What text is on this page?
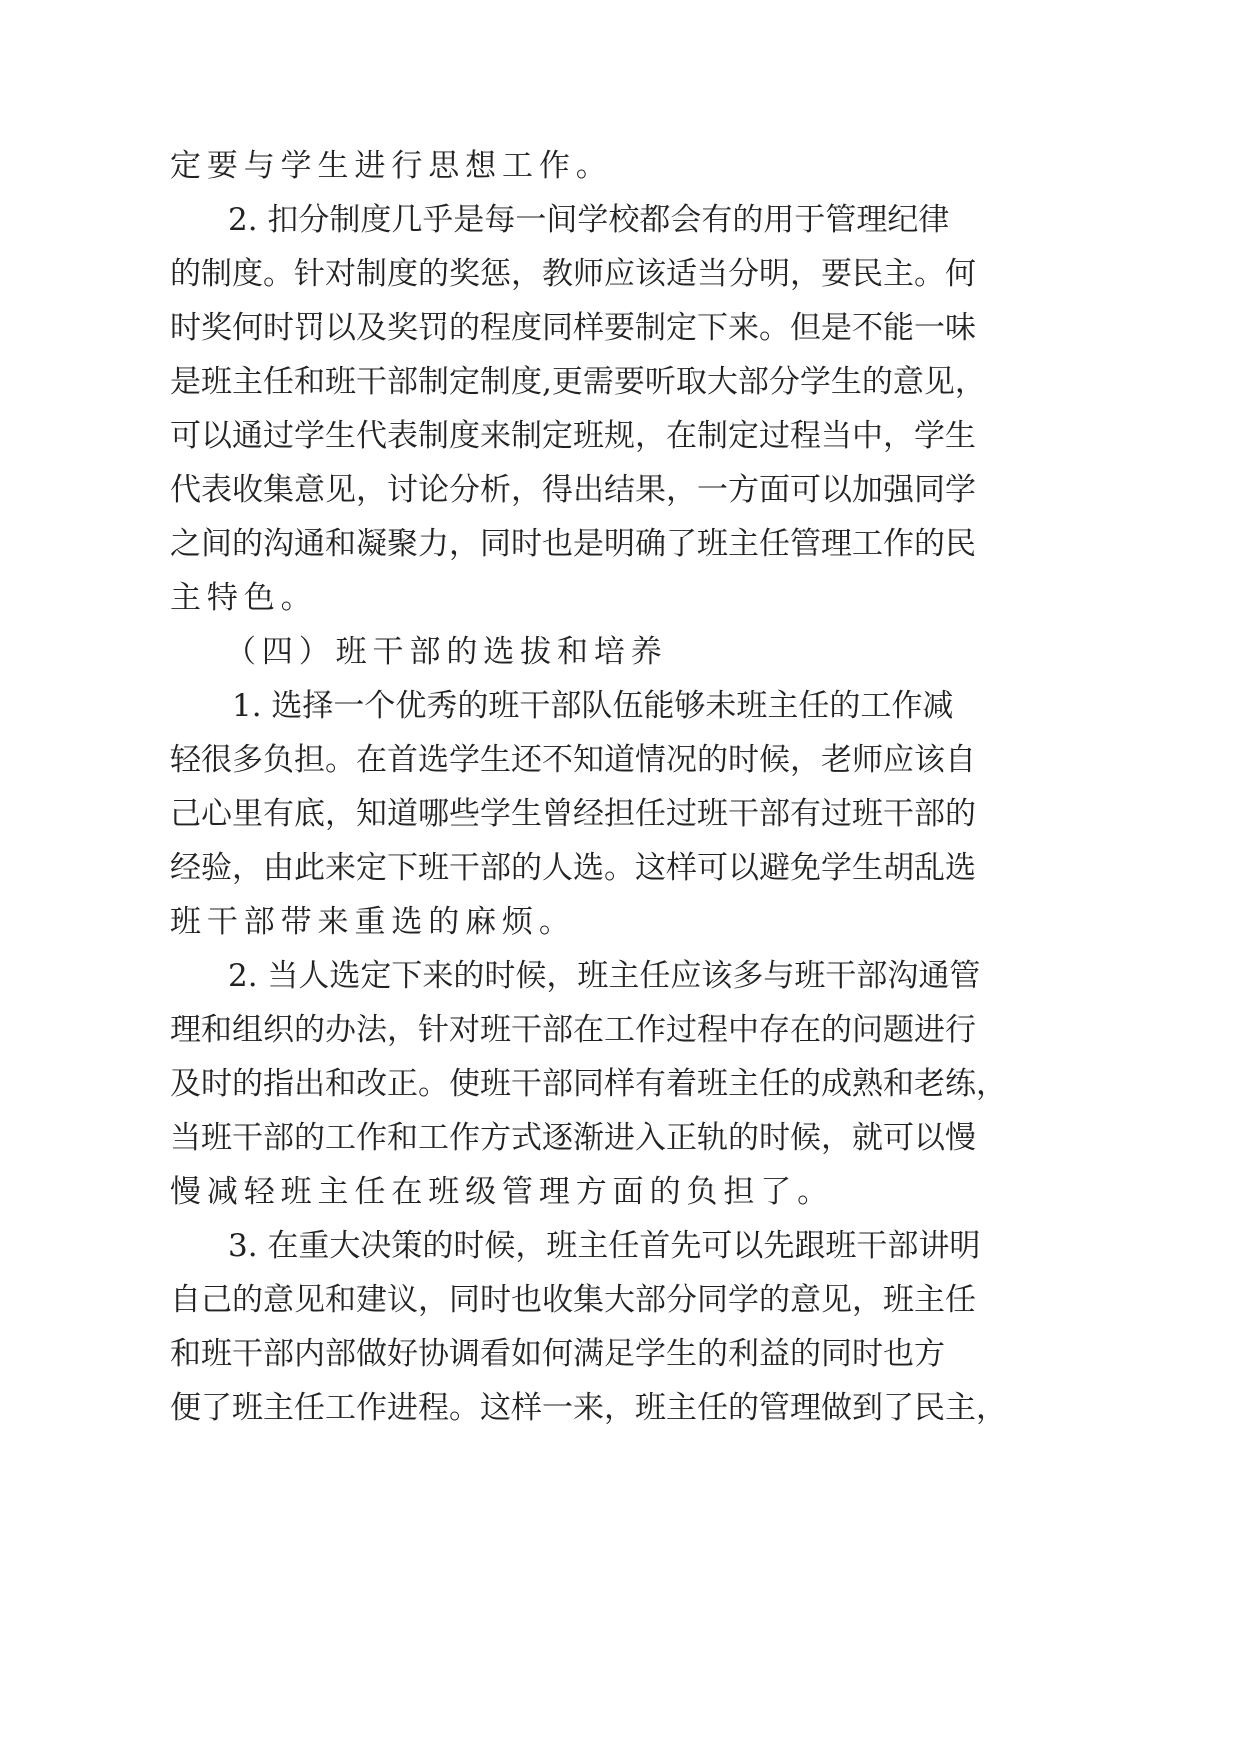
定要与学生进行思想工作。
2. 扣分制度几乎是每一间学校都会有的用于管理纪律
的制度。针对制度的奖惩，教师应该适当分明，要民主。何
时奖何时罚以及奖罚的程度同样要制定下来。但是不能一味
是班主任和班干部制定制度,更需要听取大部分学生的意见，
可以通过学生代表制度来制定班规，在制定过程当中，学生
代表收集意见，讨论分析，得出结果，一方面可以加强同学
之间的沟通和凝聚力，同时也是明确了班主任管理工作的民
主特色。
（四）班干部的选拔和培养
1. 选择一个优秀的班干部队伍能够未班主任的工作减
轻很多负担。在首选学生还不知道情况的时候，老师应该自
己心里有底，知道哪些学生曾经担任过班干部有过班干部的
经验，由此来定下班干部的人选。这样可以避免学生胡乱选
班干部带来重选的麻烦。
2. 当人选定下来的时候，班主任应该多与班干部沟通管
理和组织的办法，针对班干部在工作过程中存在的问题进行
及时的指出和改正。使班干部同样有着班主任的成熟和老练，
当班干部的工作和工作方式逐渐进入正轨的时候，就可以慢
慢减轻班主任在班级管理方面的负担了。
3. 在重大决策的时候，班主任首先可以先跟班干部讲明
自己的意见和建议，同时也收集大部分同学的意见，班主任
和班干部内部做好协调看如何满足学生的利益的同时也方
便了班主任工作进程。这样一来，班主任的管理做到了民主，
